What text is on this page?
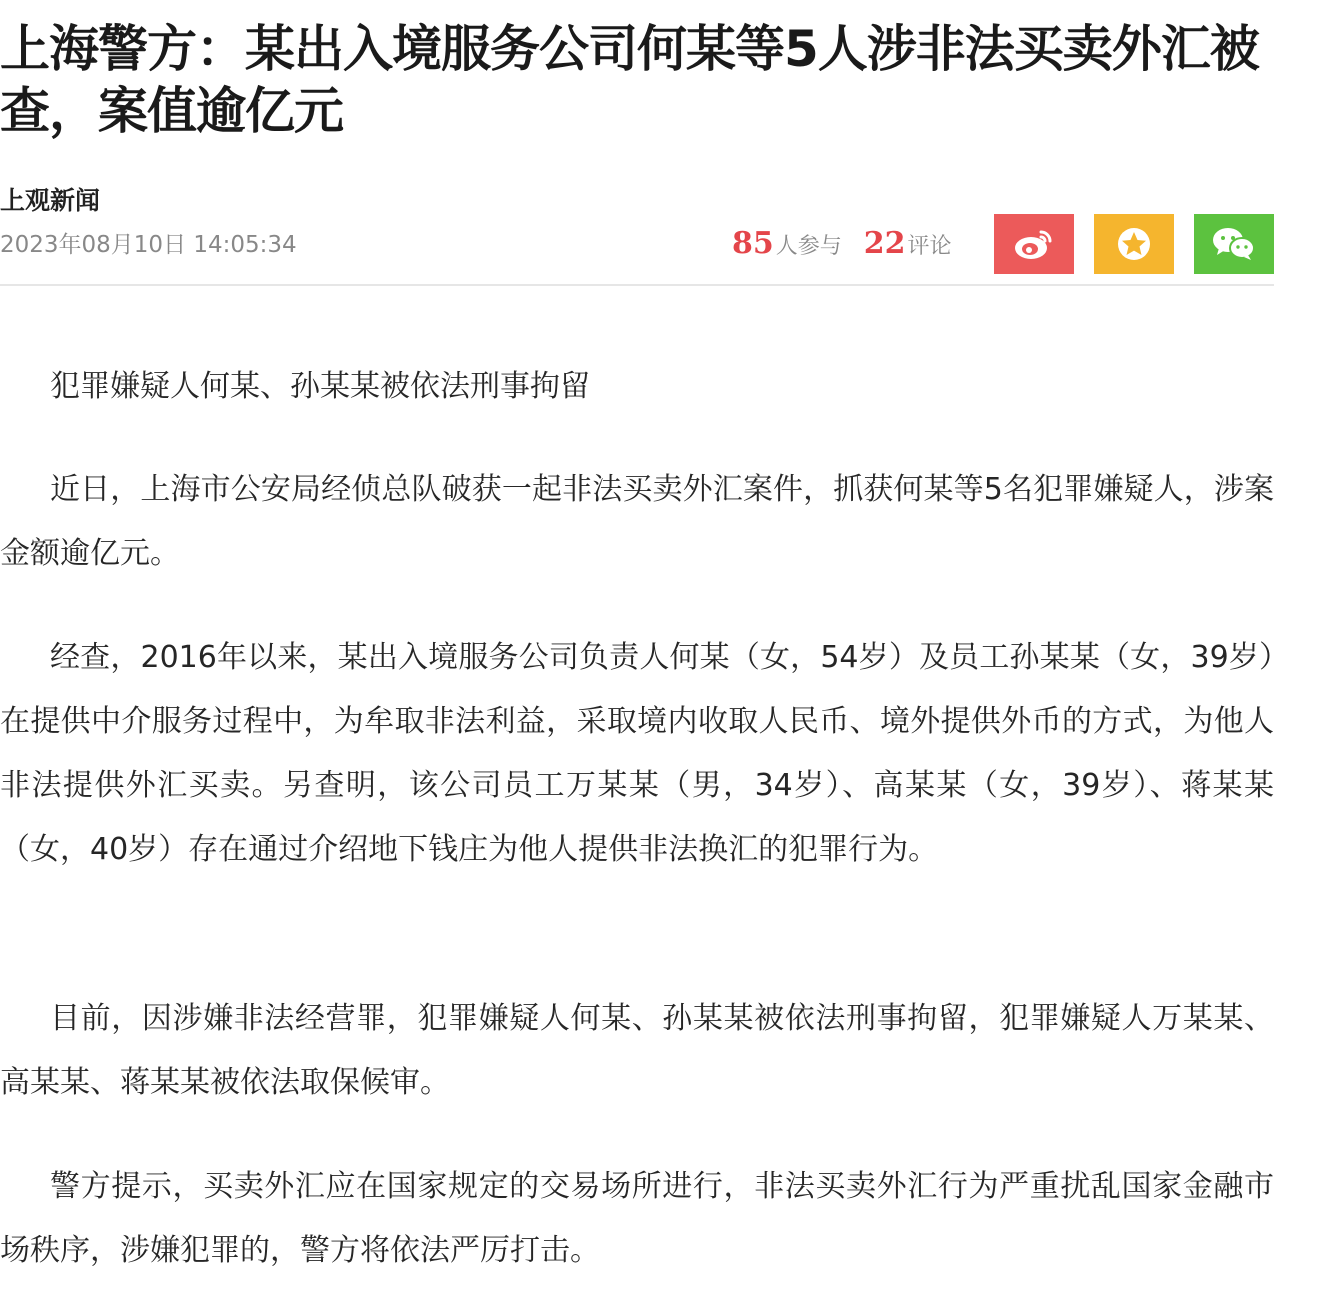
上海警方：某出入境服务公司何某等5人涉非法买卖外汇被查，案值逾亿元
上观新闻
2023年08月10日 14:05:34	85 人参与 22 评论

犯罪嫌疑人何某、孙某某被依法刑事拘留

近日，上海市公安局经侦总队破获一起非法买卖外汇案件，抓获何某等5名犯罪嫌疑人，涉案金额逾亿元。

经查，2016年以来，某出入境服务公司负责人何某（女，54岁）及员工孙某某（女，39岁）在提供中介服务过程中，为牟取非法利益，采取境内收取人民币、境外提供外币的方式，为他人非法提供外汇买卖。另查明，该公司员工万某某（男，34岁）、高某某（女，39岁）、蒋某某（女，40岁）存在通过介绍地下钱庄为他人提供非法换汇的犯罪行为。

目前，因涉嫌非法经营罪，犯罪嫌疑人何某、孙某某被依法刑事拘留，犯罪嫌疑人万某某、高某某、蒋某某被依法取保候审。

警方提示，买卖外汇应在国家规定的交易场所进行，非法买卖外汇行为严重扰乱国家金融市场秩序，涉嫌犯罪的，警方将依法严厉打击。
